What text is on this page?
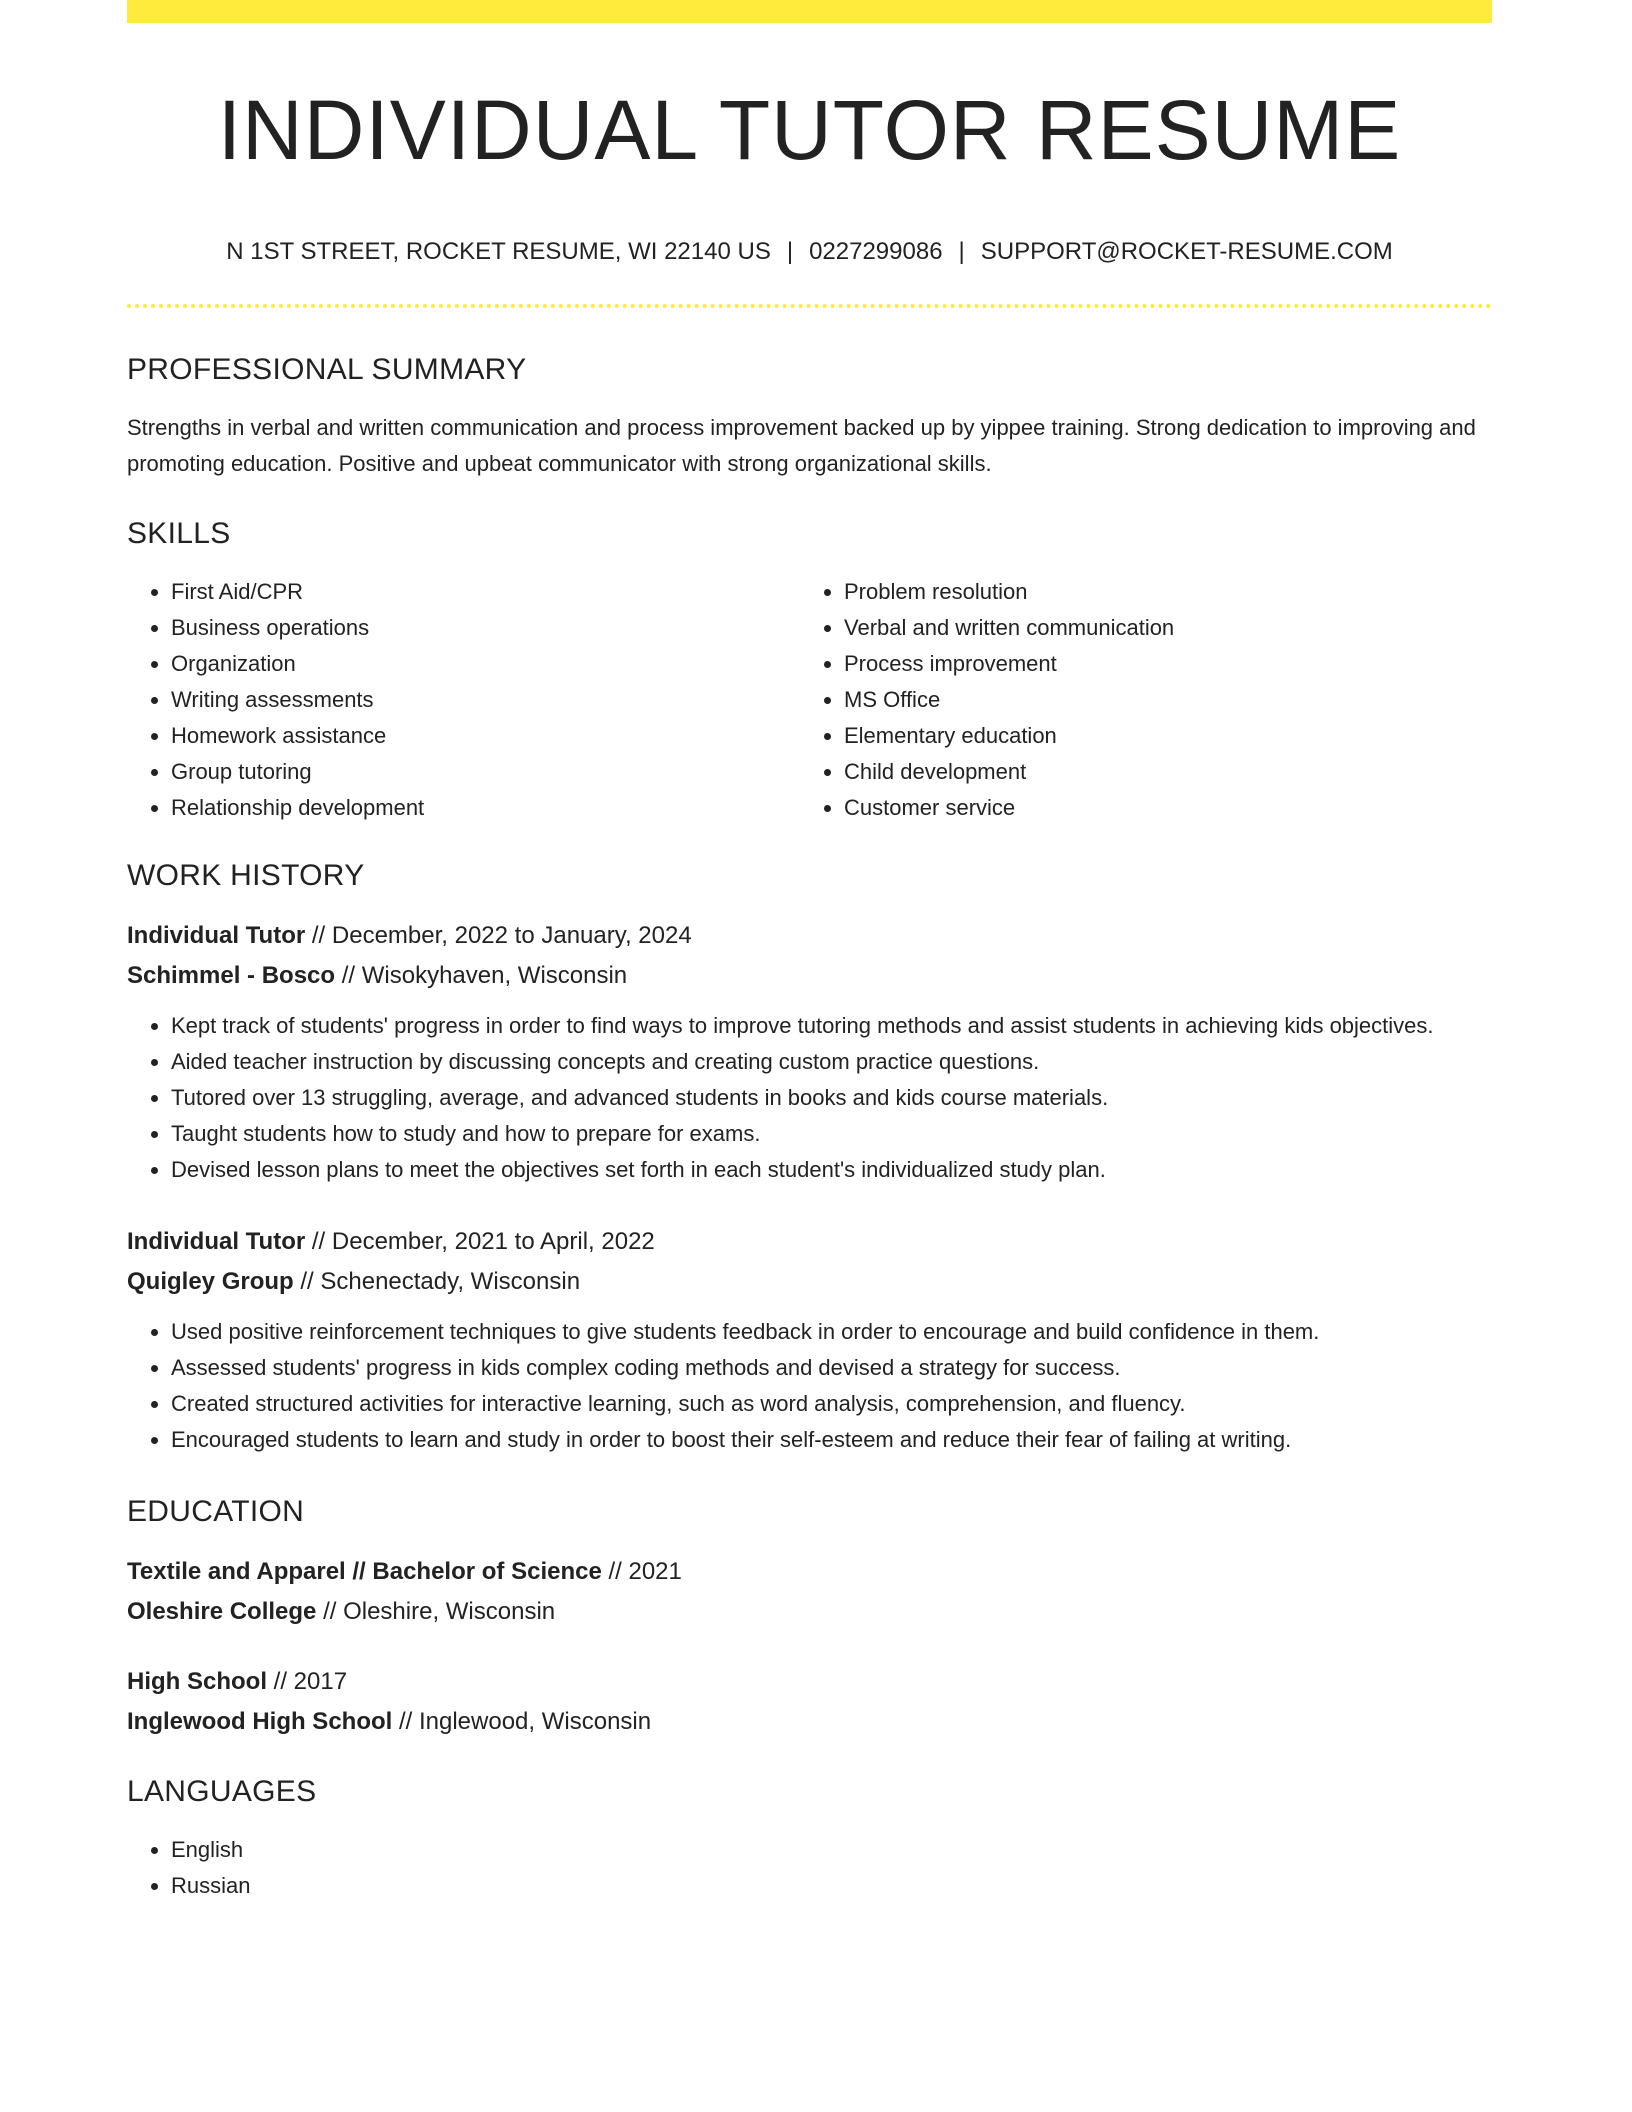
INDIVIDUAL TUTOR RESUME
N 1ST STREET, ROCKET RESUME, WI 22140 US | 0227299086 | SUPPORT@ROCKET-RESUME.COM
PROFESSIONAL SUMMARY

Strengths in verbal and written communication and process improvement backed up by yippee training. Strong dedication to improving and promoting education. Positive and upbeat communicator with strong organizational skills.

SKILLS
• First Aid/CPR
• Business operations
• Organization
• Writing assessments
• Homework assistance
• Group tutoring
• Relationship development
• Problem resolution
• Verbal and written communication
• Process improvement
• MS Office
• Elementary education
• Child development
• Customer service
WORK HISTORY
Individual Tutor // December, 2022 to January, 2024
Schimmel - Bosco // Wisokyhaven, Wisconsin
• Kept track of students' progress in order to find ways to improve tutoring methods and assist students in achieving kids objectives.
• Aided teacher instruction by discussing concepts and creating custom practice questions.
• Tutored over 13 struggling, average, and advanced students in books and kids course materials.
• Taught students how to study and how to prepare for exams.
• Devised lesson plans to meet the objectives set forth in each student's individualized study plan.
Individual Tutor // December, 2021 to April, 2022
Quigley Group // Schenectady, Wisconsin
• Used positive reinforcement techniques to give students feedback in order to encourage and build confidence in them.
• Assessed students' progress in kids complex coding methods and devised a strategy for success.
• Created structured activities for interactive learning, such as word analysis, comprehension, and fluency.
• Encouraged students to learn and study in order to boost their self-esteem and reduce their fear of failing at writing.
EDUCATION
Textile and Apparel // Bachelor of Science // 2021
Oleshire College // Oleshire, Wisconsin
High School // 2017
Inglewood High School // Inglewood, Wisconsin
LANGUAGES
• English
• Russian
